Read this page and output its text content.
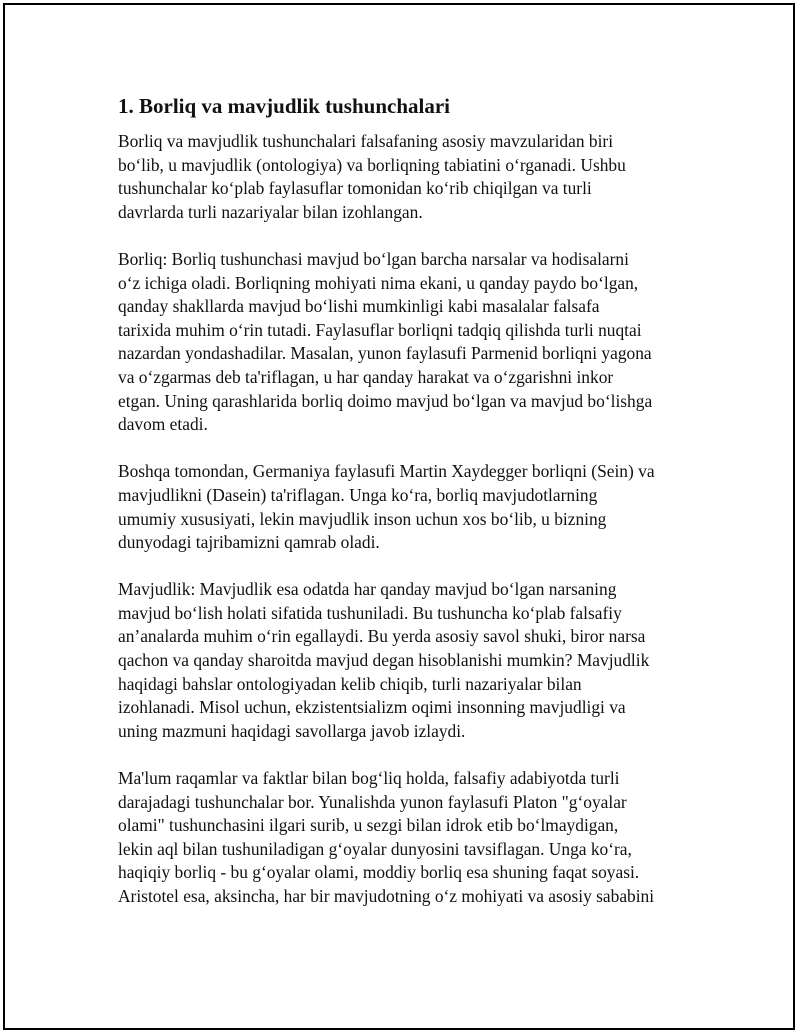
1. Borliq va mavjudlik tushunchalari

Borliq va mavjudlik tushunchalari falsafaning asosiy mavzularidan biri
bo‘lib, u mavjudlik (ontologiya) va borliqning tabiatini o‘rganadi. Ushbu
tushunchalar ko‘plab faylasuflar tomonidan ko‘rib chiqilgan va turli
davrlarda turli nazariyalar bilan izohlangan.

Borliq: Borliq tushunchasi mavjud bo‘lgan barcha narsalar va hodisalarni
o‘z ichiga oladi. Borliqning mohiyati nima ekani, u qanday paydo bo‘lgan,
qanday shakllarda mavjud bo‘lishi mumkinligi kabi masalalar falsafa
tarixida muhim o‘rin tutadi. Faylasuflar borliqni tadqiq qilishda turli nuqtai
nazardan yondashadilar. Masalan, yunon faylasufi Parmenid borliqni yagona
va o‘zgarmas deb ta'riflagan, u har qanday harakat va o‘zgarishni inkor
etgan. Uning qarashlarida borliq doimo mavjud bo‘lgan va mavjud bo‘lishga
davom etadi.

Boshqa tomondan, Germaniya faylasufi Martin Xaydegger borliqni (Sein) va
mavjudlikni (Dasein) ta'riflagan. Unga ko‘ra, borliq mavjudotlarning
umumiy xususiyati, lekin mavjudlik inson uchun xos bo‘lib, u bizning
dunyodagi tajribamizni qamrab oladi.

Mavjudlik: Mavjudlik esa odatda har qanday mavjud bo‘lgan narsaning
mavjud bo‘lish holati sifatida tushuniladi. Bu tushuncha ko‘plab falsafiy
an’analarda muhim o‘rin egallaydi. Bu yerda asosiy savol shuki, biror narsa
qachon va qanday sharoitda mavjud degan hisoblanishi mumkin? Mavjudlik
haqidagi bahslar ontologiyadan kelib chiqib, turli nazariyalar bilan
izohlanadi. Misol uchun, ekzistentsializm oqimi insonning mavjudligi va
uning mazmuni haqidagi savollarga javob izlaydi.

Ma'lum raqamlar va faktlar bilan bog‘liq holda, falsafiy adabiyotda turli
darajadagi tushunchalar bor. Yunalishda yunon faylasufi Platon "g‘oyalar
olami" tushunchasini ilgari surib, u sezgi bilan idrok etib bo‘lmaydigan,
lekin aql bilan tushuniladigan g‘oyalar dunyosini tavsiflagan. Unga ko‘ra,
haqiqiy borliq - bu g‘oyalar olami, moddiy borliq esa shuning faqat soyasi.
Aristotel esa, aksincha, har bir mavjudotning o‘z mohiyati va asosiy sababini
